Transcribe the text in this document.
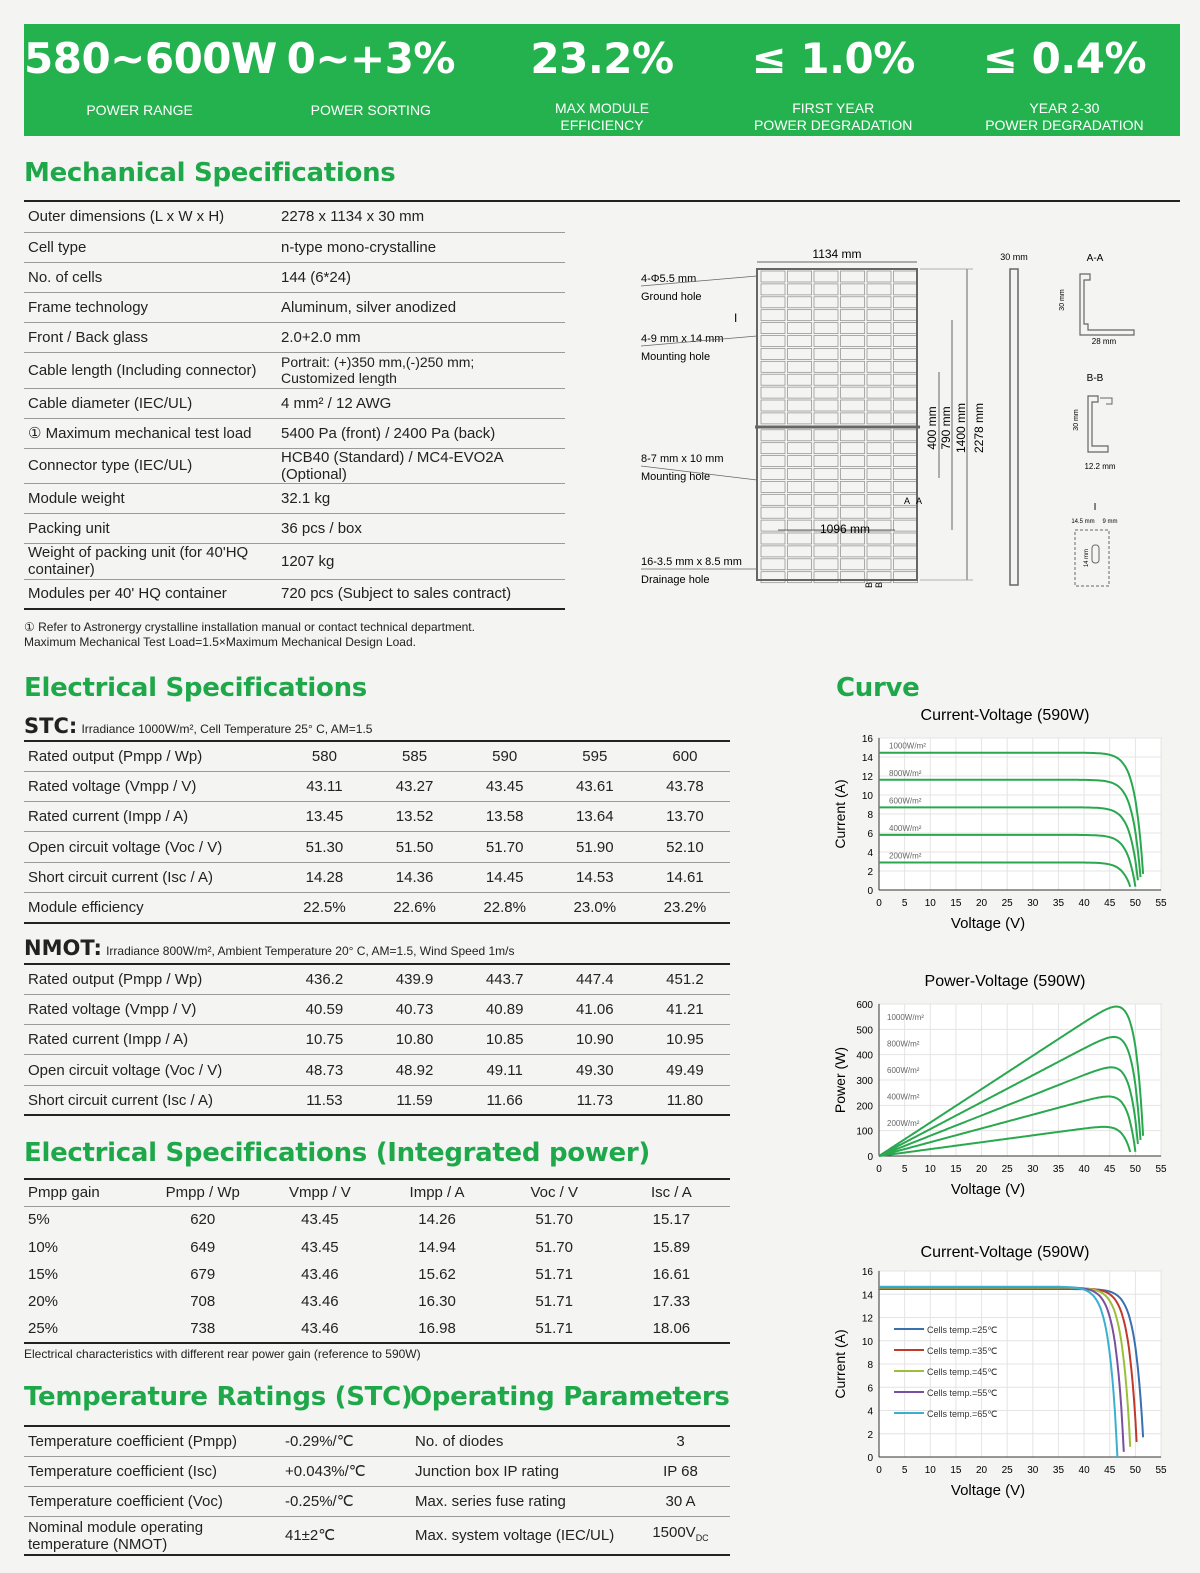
580~600W
POWER RANGE
0~+3%
POWER SORTING
23.2%
MAX MODULE
EFFICIENCY
≤ 1.0%
FIRST YEAR
POWER DEGRADATION
≤ 0.4%
YEAR 2-30
POWER DEGRADATION
Mechanical Specifications
Outer dimensions (L x W x H)	2278 x 1134 x 30 mm
Cell type	n-type mono-crystalline
No. of cells	144 (6*24)
Frame technology	Aluminum, silver anodized
Front / Back glass	2.0+2.0 mm
Cable length (Including connector)	Portrait: (+)350 mm,(-)250 mm;
Customized length
Cable diameter (IEC/UL)	4 mm² / 12 AWG
① Maximum mechanical test load	5400 Pa (front) / 2400 Pa (back)
Connector type (IEC/UL)	HCB40 (Standard) / MC4-EVO2A (Optional)
Module weight	32.1 kg
Packing unit	36 pcs / box
Weight of packing unit (for 40'HQ container)	1207 kg
Modules per 40' HQ container	720 pcs (Subject to sales contract)
① Refer to Astronergy crystalline installation manual or contact technical department.
Maximum Mechanical Test Load=1.5×Maximum Mechanical Design Load.
1134 mm
1096 mm
400 mm 790 mm 1400 mm 2278 mm
30 mm
4-Φ5.5 mm
Ground hole
I
4-9 mm x 14 mm
Mounting hole
8-7 mm x 10 mm
Mounting hole
16-3.5 mm x 8.5 mm
Drainage hole
A A
B B
A-A
30 mm
28 mm
B-B
30 mm
12.2 mm
I
14.5 mm 9 mm
14 mm
Electrical Specifications
STC: Irradiance 1000W/m², Cell Temperature 25° C, AM=1.5
Rated output (Pmpp / Wp)	580	585	590	595	600
Rated voltage (Vmpp / V)	43.11	43.27	43.45	43.61	43.78
Rated current (Impp / A)	13.45	13.52	13.58	13.64	13.70
Open circuit voltage (Voc / V)	51.30	51.50	51.70	51.90	52.10
Short circuit current (Isc / A)	14.28	14.36	14.45	14.53	14.61
Module efficiency	22.5%	22.6%	22.8%	23.0%	23.2%
NMOT: Irradiance 800W/m², Ambient Temperature 20° C, AM=1.5, Wind Speed 1m/s
Rated output (Pmpp / Wp)	436.2	439.9	443.7	447.4	451.2
Rated voltage (Vmpp / V)	40.59	40.73	40.89	41.06	41.21
Rated current (Impp / A)	10.75	10.80	10.85	10.90	10.95
Open circuit voltage (Voc / V)	48.73	48.92	49.11	49.30	49.49
Short circuit current (Isc / A)	11.53	11.59	11.66	11.73	11.80
Electrical Specifications (Integrated power)
Pmpp gain	Pmpp / Wp	Vmpp / V	Impp / A	Voc / V	Isc / A
5%	620	43.45	14.26	51.70	15.17
10%	649	43.45	14.94	51.70	15.89
15%	679	43.46	15.62	51.71	16.61
20%	708	43.46	16.30	51.71	17.33
25%	738	43.46	16.98	51.71	18.06
Electrical characteristics with different rear power gain (reference to 590W)
Temperature Ratings (STC)
Operating Parameters
Temperature coefficient (Pmpp)	-0.29%/℃	No. of diodes	3
Temperature coefficient (Isc)	+0.043%/℃	Junction box IP rating	IP 68
Temperature coefficient (Voc)	-0.25%/℃	Max. series fuse rating	30 A
Nominal module operating temperature (NMOT)	41±2℃	Max. system voltage (IEC/UL)	$1500V_{DC}$
Curve
0 5 10 15 20 25 30 35 40 45 50 55
0
2
4
6
8
10
12
14
16
Current-Voltage (590W)
Voltage (V)
Current (A)
1000W/m²
800W/m²
600W/m²
400W/m²
200W/m²
0 5 10 15 20 25 30 35 40 45 50 55
0
100
200
300
400
500
600
Power-Voltage (590W)
Voltage (V)
Power (W)
1000W/m²
800W/m²
600W/m²
400W/m²
200W/m²
0 5 10 15 20 25 30 35 40 45 50 55
0
2
4
6
8
10
12
14
16
Current-Voltage (590W)
Voltage (V)
Current (A)	Cells temp.=25℃
Cells temp.=35℃
Cells temp.=45℃
Cells temp.=55℃
Cells temp.=65℃
